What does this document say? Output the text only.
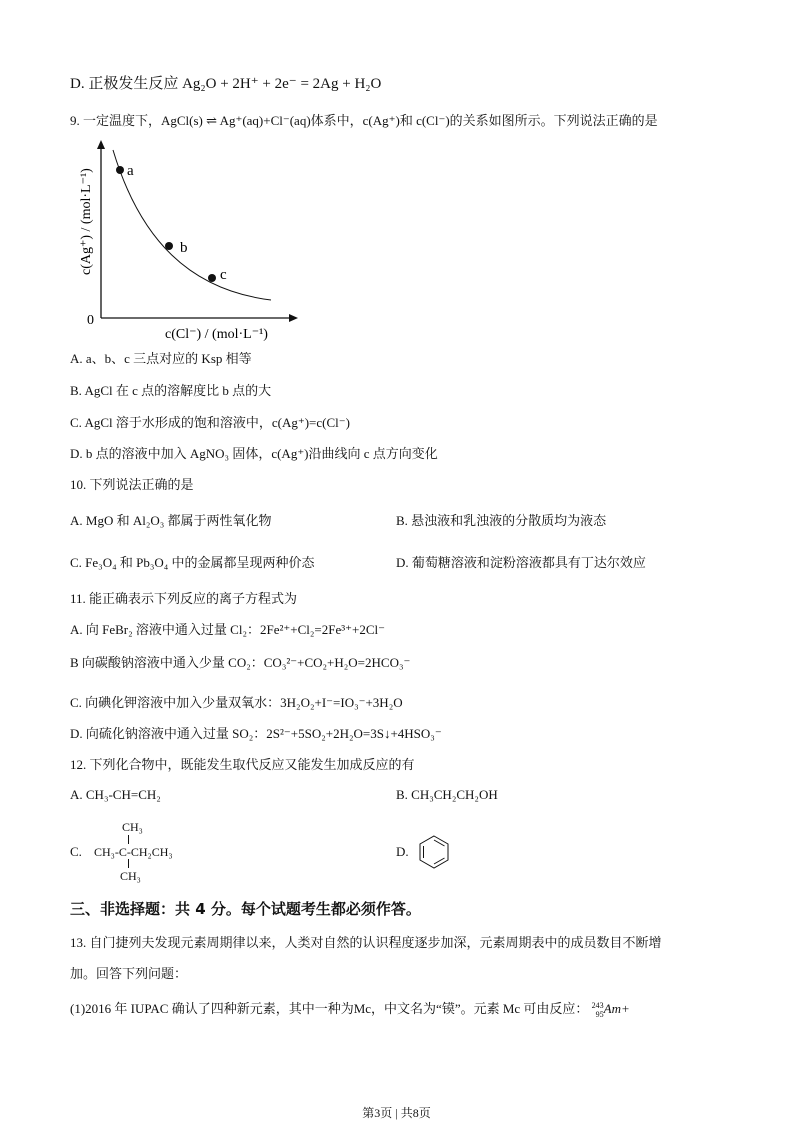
D. 正极发生反应 Ag₂O + 2H⁺ + 2e⁻ = 2Ag + H₂O
9. 一定温度下，AgCl(s) ⇌ Ag⁺(aq)+Cl⁻(aq)体系中，c(Ag⁺)和 c(Cl⁻)的关系如图所示。下列说法正确的是
a
b
c
0
c(Cl⁻) / (mol·L⁻¹)
c(Ag⁺) / (mol·L⁻¹)
A. a、b、c 三点对应的 Ksp 相等
B. AgCl 在 c 点的溶解度比 b 点的大
C. AgCl 溶于水形成的饱和溶液中，c(Ag⁺)=c(Cl⁻)
D. b 点的溶液中加入 AgNO₃ 固体，c(Ag⁺)沿曲线向 c 点方向变化
10. 下列说法正确的是
A. MgO 和 Al₂O₃ 都属于两性氧化物	B. 悬浊液和乳浊液的分散质均为液态
C. Fe₃O₄ 和 Pb₃O₄ 中的金属都呈现两种价态	D. 葡萄糖溶液和淀粉溶液都具有丁达尔效应
11. 能正确表示下列反应的离子方程式为
A. 向 FeBr₂ 溶液中通入过量 Cl₂：2Fe²⁺+Cl₂=2Fe³⁺+2Cl⁻
B 向碳酸钠溶液中通入少量 CO₂：CO₃²⁻+CO₂+H₂O=2HCO₃⁻
C. 向碘化钾溶液中加入少量双氧水：3H₂O₂+I⁻=IO₃⁻+3H₂O
D. 向硫化钠溶液中通入过量 SO₂：2S²⁻+5SO₂+2H₂O=3S↓+4HSO₃⁻
12. 下列化合物中，既能发生取代反应又能发生加成反应的有
A. CH₃-CH=CH₂	B. CH₃CH₂CH₂OH
C.
CH₃
CH₃-C-CH₂CH₃
CH₃
D.
三、非选择题：共 4 分。每个试题考生都必须作答。
13. 自门捷列夫发现元素周期律以来，人类对自然的认识程度逐步加深，元素周期表中的成员数目不断增
加。回答下列问题：
(1)2016 年 IUPAC 确认了四种新元素，其中一种为Mc，中文名为“镆”。元素 Mc 可由反应： 243
95Am+
第3页 | 共8页
